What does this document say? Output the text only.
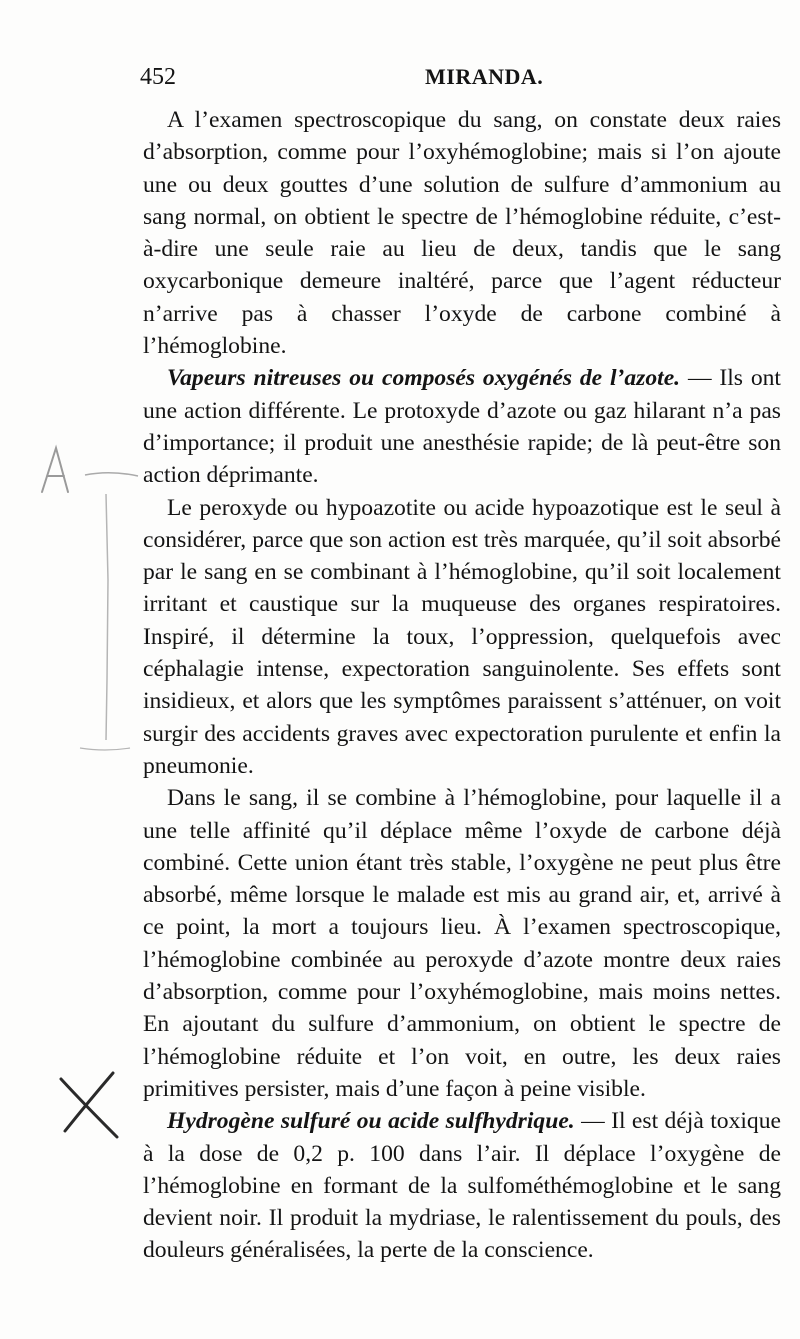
452	MIRANDA.

A l’examen spectroscopique du sang, on constate deux raies d’absorption, comme pour l’oxyhémoglobine; mais si l’on ajoute une ou deux gouttes d’une solution de sulfure d’ammonium au sang normal, on obtient le spectre de l’hémoglobine réduite, c’est-à-dire une seule raie au lieu de deux, tandis que le sang oxycarbonique demeure inaltéré, parce que l’agent réducteur n’arrive pas à chasser l’oxyde de carbone combiné à l’hémoglobine.

Vapeurs nitreuses ou composés oxygénés de l’azote. — Ils ont une action différente. Le protoxyde d’azote ou gaz hilarant n’a pas d’importance; il produit une anesthésie rapide; de là peut-être son action déprimante.

Le peroxyde ou hypoazotite ou acide hypoazotique est le seul à considérer, parce que son action est très marquée, qu’il soit absorbé par le sang en se combinant à l’hémoglobine, qu’il soit localement irritant et caustique sur la muqueuse des organes respiratoires. Inspiré, il détermine la toux, l’oppression, quelquefois avec céphalagie intense, expectoration sanguinolente. Ses effets sont insidieux, et alors que les symptômes paraissent s’atténuer, on voit surgir des accidents graves avec expectoration purulente et enfin la pneumonie.

Dans le sang, il se combine à l’hémoglobine, pour laquelle il a une telle affinité qu’il déplace même l’oxyde de carbone déjà combiné. Cette union étant très stable, l’oxygène ne peut plus être absorbé, même lorsque le malade est mis au grand air, et, arrivé à ce point, la mort a toujours lieu. À l’examen spectroscopique, l’hémoglobine combinée au peroxyde d’azote montre deux raies d’absorption, comme pour l’oxyhémoglobine, mais moins nettes. En ajoutant du sulfure d’ammonium, on obtient le spectre de l’hémoglobine réduite et l’on voit, en outre, les deux raies primitives persister, mais d’une façon à peine visible.

Hydrogène sulfuré ou acide sulfhydrique. — Il est déjà toxique à la dose de 0,2 p. 100 dans l’air. Il déplace l’oxygène de l’hémoglobine en formant de la sulfométhémoglobine et le sang devient noir. Il produit la mydriase, le ralentissement du pouls, des douleurs généralisées, la perte de la conscience.
